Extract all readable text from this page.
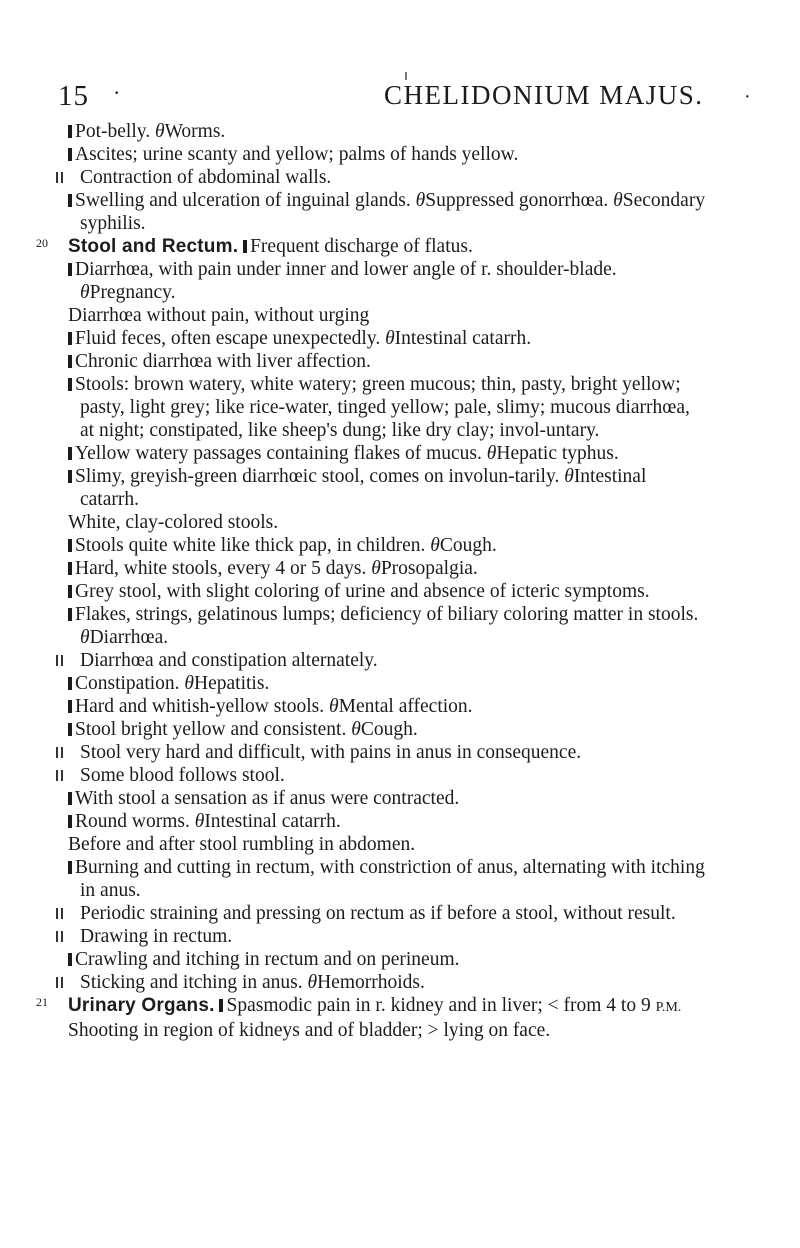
15 ·	CHELIDONIUM MAJUS. ·
Pot-belly. θWorms.
Ascites; urine scanty and yellow; palms of hands yellow.
Contraction of abdominal walls.
Swelling and ulceration of inguinal glands. θSuppressed gonorrhœa. θSecondary syphilis.
20 Stool and Rectum. Frequent discharge of flatus.
Diarrhœa, with pain under inner and lower angle of r. shoulder-blade. θPregnancy.
Diarrhœa without pain, without urging
Fluid feces, often escape unexpectedly. θIntestinal catarrh.
Chronic diarrhœa with liver affection.
Stools: brown watery, white watery; green mucous; thin, pasty, bright yellow; pasty, light grey; like rice-water, tinged yellow; pale, slimy; mucous diarrhœa, at night; constipated, like sheep's dung; like dry clay; invol-untary.
Yellow watery passages containing flakes of mucus. θHepatic typhus.
Slimy, greyish-green diarrhœic stool, comes on involun-tarily. θIntestinal catarrh.
White, clay-colored stools.
Stools quite white like thick pap, in children. θCough.
Hard, white stools, every 4 or 5 days. θProsopalgia.
Grey stool, with slight coloring of urine and absence of icteric symptoms.
Flakes, strings, gelatinous lumps; deficiency of biliary coloring matter in stools. θDiarrhœa.
Diarrhœa and constipation alternately.
Constipation. θHepatitis.
Hard and whitish-yellow stools. θMental affection.
Stool bright yellow and consistent. θCough.
Stool very hard and difficult, with pains in anus in consequence.
Some blood follows stool.
With stool a sensation as if anus were contracted.
Round worms. θIntestinal catarrh.
Before and after stool rumbling in abdomen.
Burning and cutting in rectum, with constriction of anus, alternating with itching in anus.
Periodic straining and pressing on rectum as if before a stool, without result.
Drawing in rectum.
Crawling and itching in rectum and on perineum.
Sticking and itching in anus. θHemorrhoids.
21 Urinary Organs. Spasmodic pain in r. kidney and in liver; < from 4 to 9 P.M.
Shooting in region of kidneys and of bladder; > lying on face.
